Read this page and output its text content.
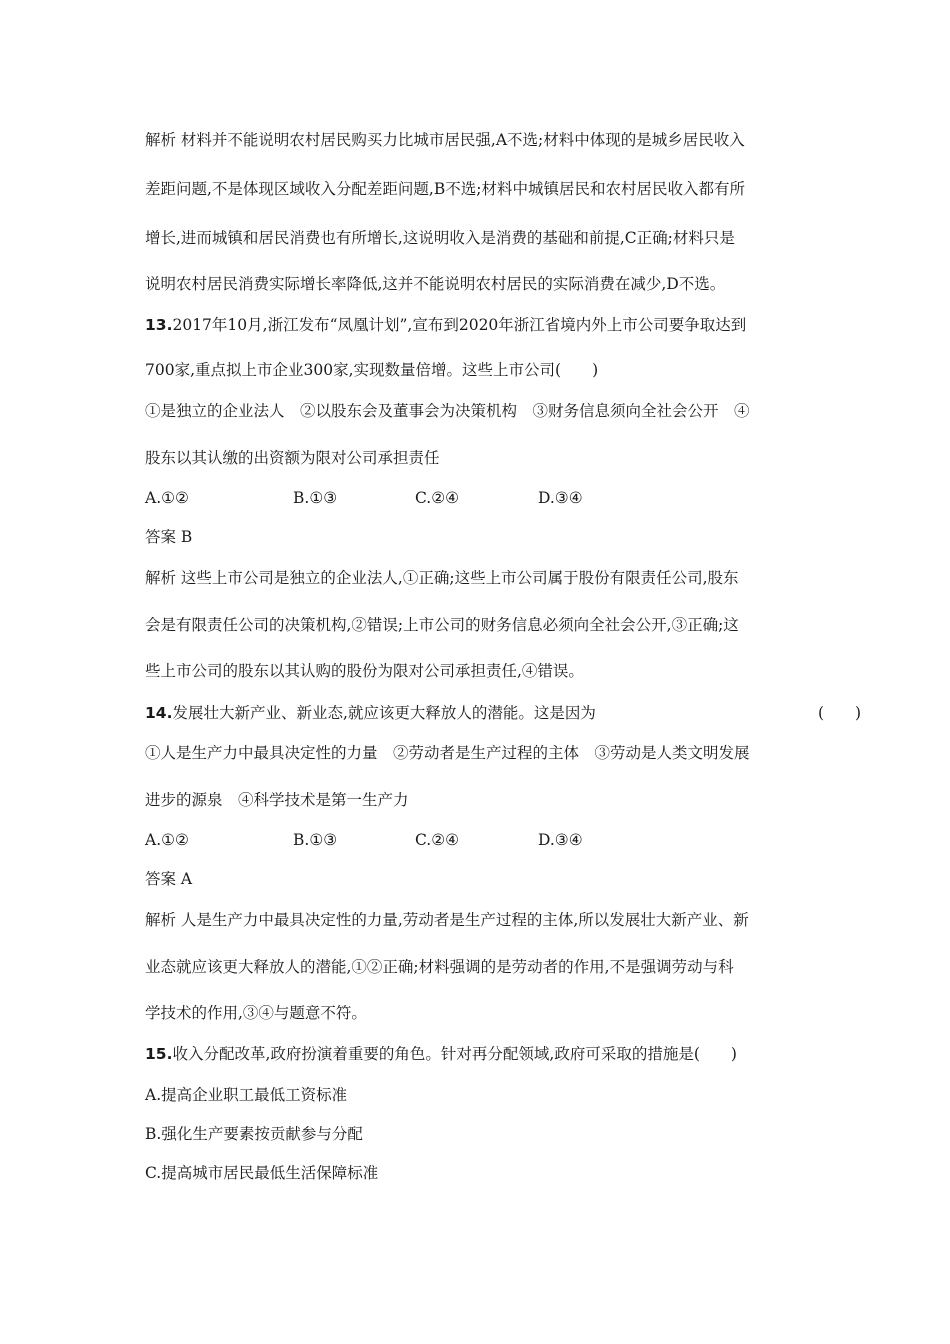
解析 材料并不能说明农村居民购买力比城市居民强,A不选;材料中体现的是城乡居民收入
差距问题,不是体现区域收入分配差距问题,B不选;材料中城镇居民和农村居民收入都有所
增长,进而城镇和居民消费也有所增长,这说明收入是消费的基础和前提,C正确;材料只是
说明农村居民消费实际增长率降低,这并不能说明农村居民的实际消费在减少,D不选。
13.2017年10月,浙江发布“凤凰计划”,宣布到2020年浙江省境内外上市公司要争取达到
700家,重点拟上市企业300家,实现数量倍增。这些上市公司(　　)
①是独立的企业法人　②以股东会及董事会为决策机构　③财务信息须向全社会公开　④
股东以其认缴的出资额为限对公司承担责任
A.①②	B.①③	C.②④	D.③④
答案 B
解析 这些上市公司是独立的企业法人,①正确;这些上市公司属于股份有限责任公司,股东
会是有限责任公司的决策机构,②错误;上市公司的财务信息必须向全社会公开,③正确;这
些上市公司的股东以其认购的股份为限对公司承担责任,④错误。
14.发展壮大新产业、新业态,就应该更大释放人的潜能。这是因为	(　　)
①人是生产力中最具决定性的力量　②劳动者是生产过程的主体　③劳动是人类文明发展
进步的源泉　④科学技术是第一生产力
A.①②	B.①③	C.②④	D.③④
答案 A
解析 人是生产力中最具决定性的力量,劳动者是生产过程的主体,所以发展壮大新产业、新
业态就应该更大释放人的潜能,①②正确;材料强调的是劳动者的作用,不是强调劳动与科
学技术的作用,③④与题意不符。
15.收入分配改革,政府扮演着重要的角色。针对再分配领域,政府可采取的措施是(　　)
A.提高企业职工最低工资标准
B.强化生产要素按贡献参与分配
C.提高城市居民最低生活保障标准
